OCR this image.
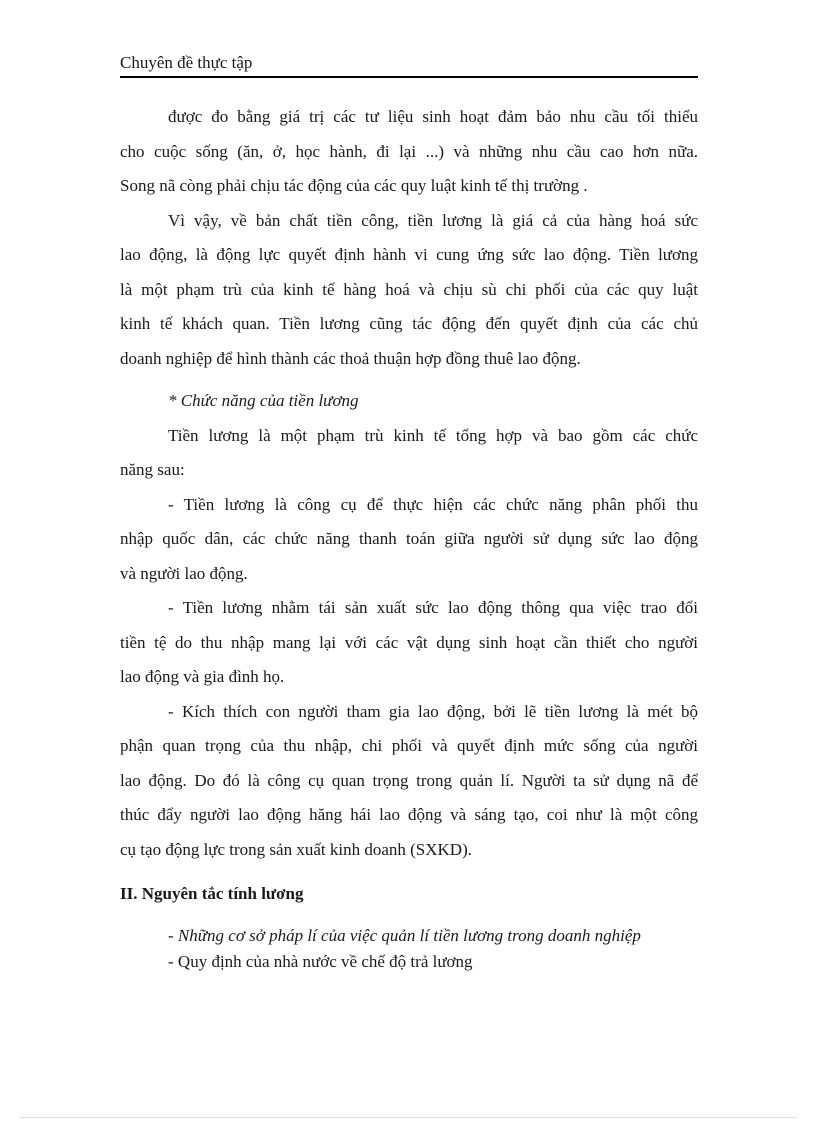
Chuyên đề thực tập
được đo bằng giá trị các tư liệu sinh hoạt đảm bảo nhu cầu tối thiểu
cho cuộc sống (ăn, ở, học hành, đi lại ...) và những nhu cầu cao hơn nữa.
Song nã còng phải chịu tác động của các quy luật kinh tế thị trường .
Vì vậy, về bản chất tiền công, tiền lương là giá cả của hàng hoá sức
lao động, là động lực quyết định hành vi cung ứng sức lao động. Tiền lương
là một phạm trù của kinh tế hàng hoá và chịu sù chi phối của các quy luật
kinh tế khách quan. Tiền lương cũng tác động đến quyết định của các chủ
doanh nghiệp để hình thành các thoả thuận hợp đồng thuê lao động.
* Chức năng của tiền lương
Tiền lương là một phạm trù kinh tế tổng hợp và bao gồm các chức
năng sau:
- Tiền lương là công cụ để thực hiện các chức năng phân phối thu
nhập quốc dân, các chức năng thanh toán giữa người sử dụng sức lao động
và người lao động.
- Tiền lương nhằm tái sản xuất sức lao động thông qua việc trao đổi
tiền tệ do thu nhập mang lại với các vật dụng sinh hoạt cần thiết cho người
lao động và gia đình họ.
- Kích thích con người tham gia lao động, bởi lẽ tiền lương là mét bộ
phận quan trọng của thu nhập, chi phối và quyết định mức sống của người
lao động. Do đó là công cụ quan trọng trong quản lí. Người ta sử dụng nã để
thúc đẩy người lao động hăng hái lao động và sáng tạo, coi như là một công
cụ tạo động lực trong sản xuất kinh doanh (SXKD).
II. Nguyên tắc tính lương
- Những cơ sở pháp lí của việc quản lí tiền lương trong doanh nghiệp
- Quy định của nhà nước về chế độ trả lương
